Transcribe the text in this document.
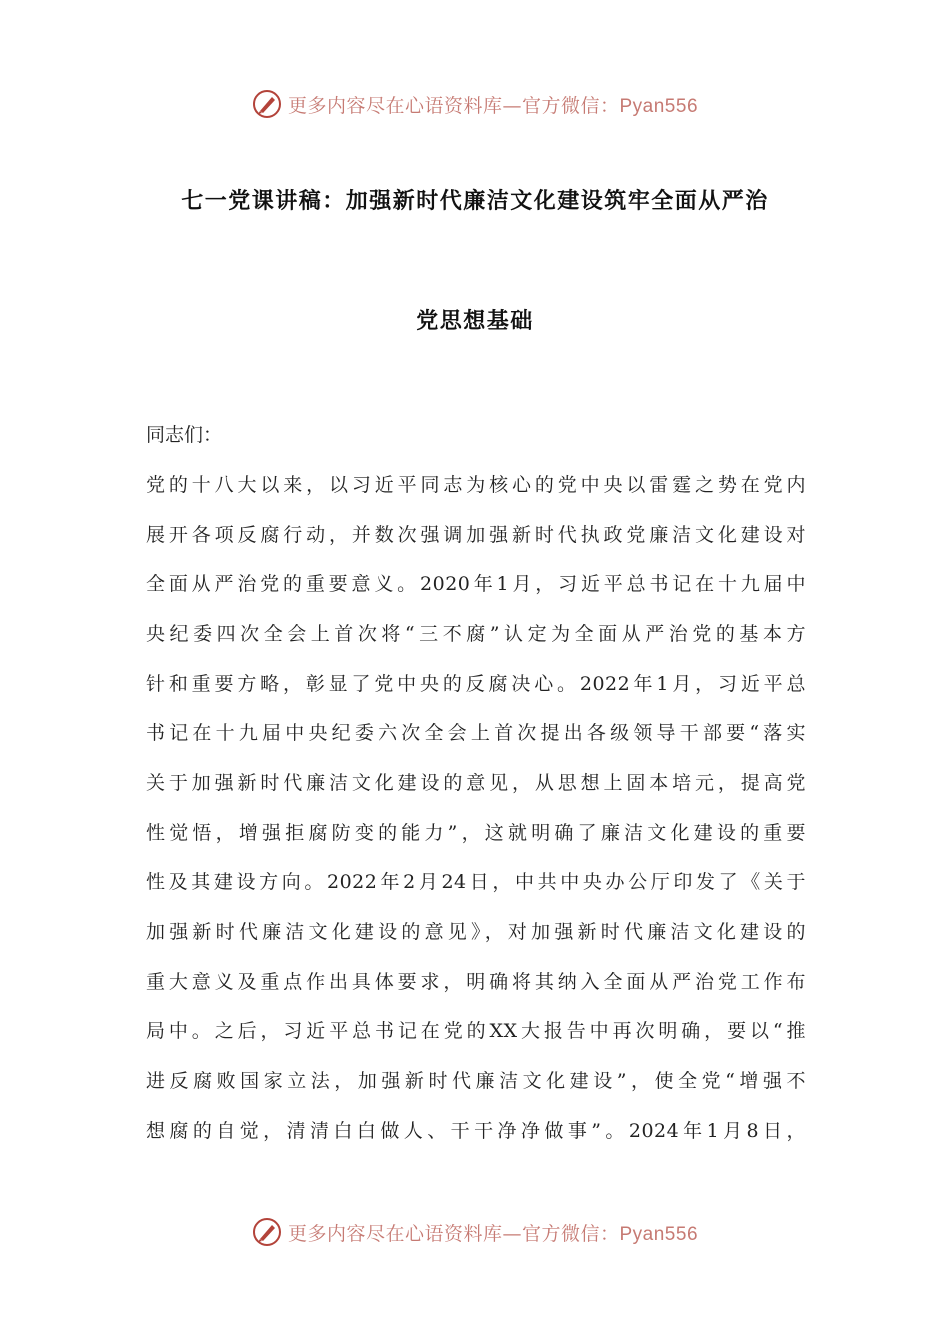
更多内容尽在心语资料库—官方微信：Pyan556
七一党课讲稿：加强新时代廉洁文化建设筑牢全面从严治
党思想基础
同志们：
党的十八大以来，以习近平同志为核心的党中央以雷霆之势在党内
展开各项反腐行动，并数次强调加强新时代执政党廉洁文化建设对
全面从严治党的重要意义。2020年1月，习近平总书记在十九届中
央纪委四次全会上首次将“三不腐”认定为全面从严治党的基本方
针和重要方略，彰显了党中央的反腐决心。2022年1月，习近平总
书记在十九届中央纪委六次全会上首次提出各级领导干部要“落实
关于加强新时代廉洁文化建设的意见，从思想上固本培元，提高党
性觉悟，增强拒腐防变的能力”，这就明确了廉洁文化建设的重要
性及其建设方向。2022年2月24日，中共中央办公厅印发了《关于
加强新时代廉洁文化建设的意见》，对加强新时代廉洁文化建设的
重大意义及重点作出具体要求，明确将其纳入全面从严治党工作布
局中。之后，习近平总书记在党的XX大报告中再次明确，要以“推
进反腐败国家立法，加强新时代廉洁文化建设”，使全党“增强不
想腐的自觉，清清白白做人、干干净净做事”。2024年1月8日，
更多内容尽在心语资料库—官方微信：Pyan556
